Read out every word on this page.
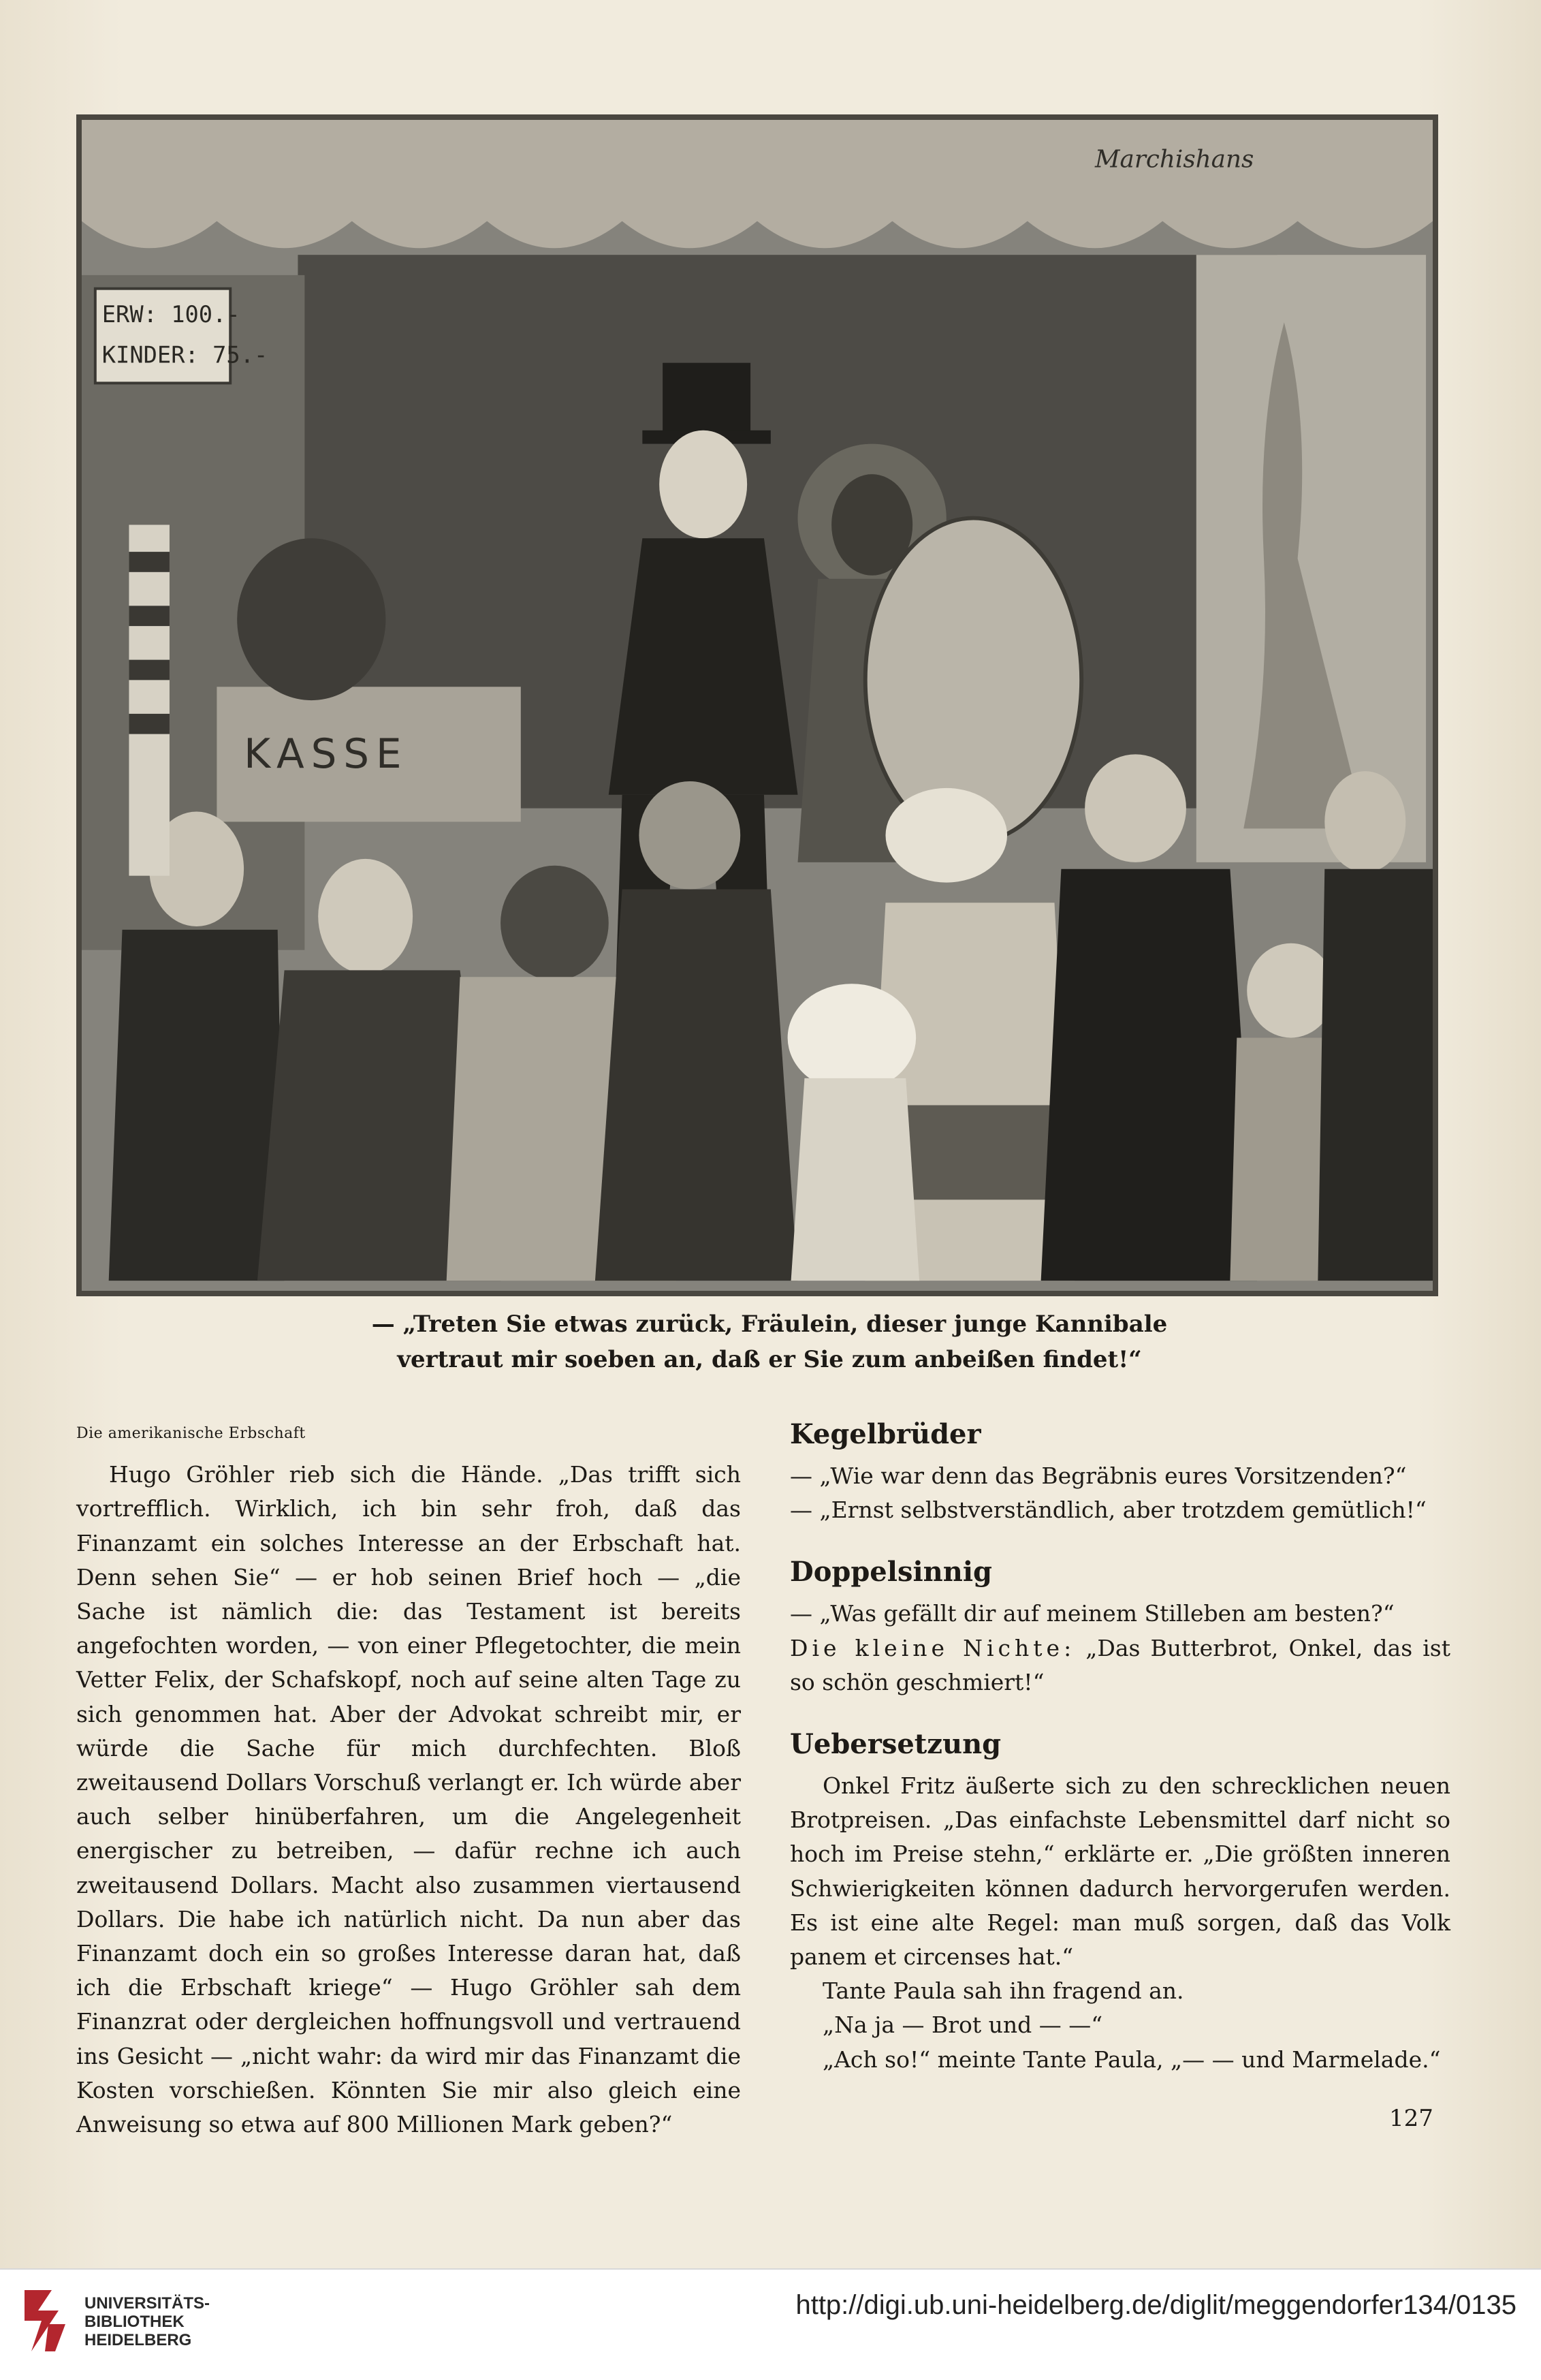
ERW: 100.-
KINDER: 75.-
KASSE
Marchishans
— „Treten Sie etwas zurück, Fräulein, dieser junge Kannibale
vertraut mir soeben an, daß er Sie zum anbeißen findet!“
Die amerikanische Erbschaft

Hugo Gröhler rieb sich die Hände. „Das trifft sich vortrefflich. Wirklich, ich bin sehr froh, daß das Finanzamt ein solches Interesse an der Erbschaft hat. Denn sehen Sie“ — er hob seinen Brief hoch — „die Sache ist nämlich die: das Testament ist bereits angefochten worden, — von einer Pflegetochter, die mein Vetter Felix, der Schafskopf, noch auf seine alten Tage zu sich genommen hat. Aber der Advokat schreibt mir, er würde die Sache für mich durchfechten. Bloß zweitausend Dollars Vorschuß verlangt er. Ich würde aber auch selber hinüberfahren, um die Angelegenheit energischer zu betreiben, — dafür rechne ich auch zweitausend Dollars. Macht also zusammen viertausend Dollars. Die habe ich natürlich nicht. Da nun aber das Finanzamt doch ein so großes Interesse daran hat, daß ich die Erbschaft kriege“ — Hugo Gröhler sah dem Finanzrat oder dergleichen hoffnungsvoll und vertrauend ins Gesicht — „nicht wahr: da wird mir das Finanzamt die Kosten vorschießen. Könnten Sie mir also gleich eine Anweisung so etwa auf 800 Millionen Mark geben?“

Kegelbrüder

— „Wie war denn das Begräbnis eures Vorsitzenden?“

— „Ernst selbstverständlich, aber trotzdem gemütlich!“

Doppelsinnig

— „Was gefällt dir auf meinem Stilleben am besten?“

Die kleine Nichte: „Das Butterbrot, Onkel, das ist so schön geschmiert!“

Uebersetzung

Onkel Fritz äußerte sich zu den schrecklichen neuen Brotpreisen. „Das einfachste Lebensmittel darf nicht so hoch im Preise stehn,“ erklärte er. „Die größten inneren Schwierigkeiten können dadurch hervorgerufen werden. Es ist eine alte Regel: man muß sorgen, daß das Volk panem et circenses hat.“

Tante Paula sah ihn fragend an.

„Na ja — Brot und — —“

„Ach so!“ meinte Tante Paula, „— — und Marmelade.“

127
UNIVERSITÄTS-
BIBLIOTHEK
HEIDELBERG
http://digi.ub.uni-heidelberg.de/diglit/meggendorfer134/0135
